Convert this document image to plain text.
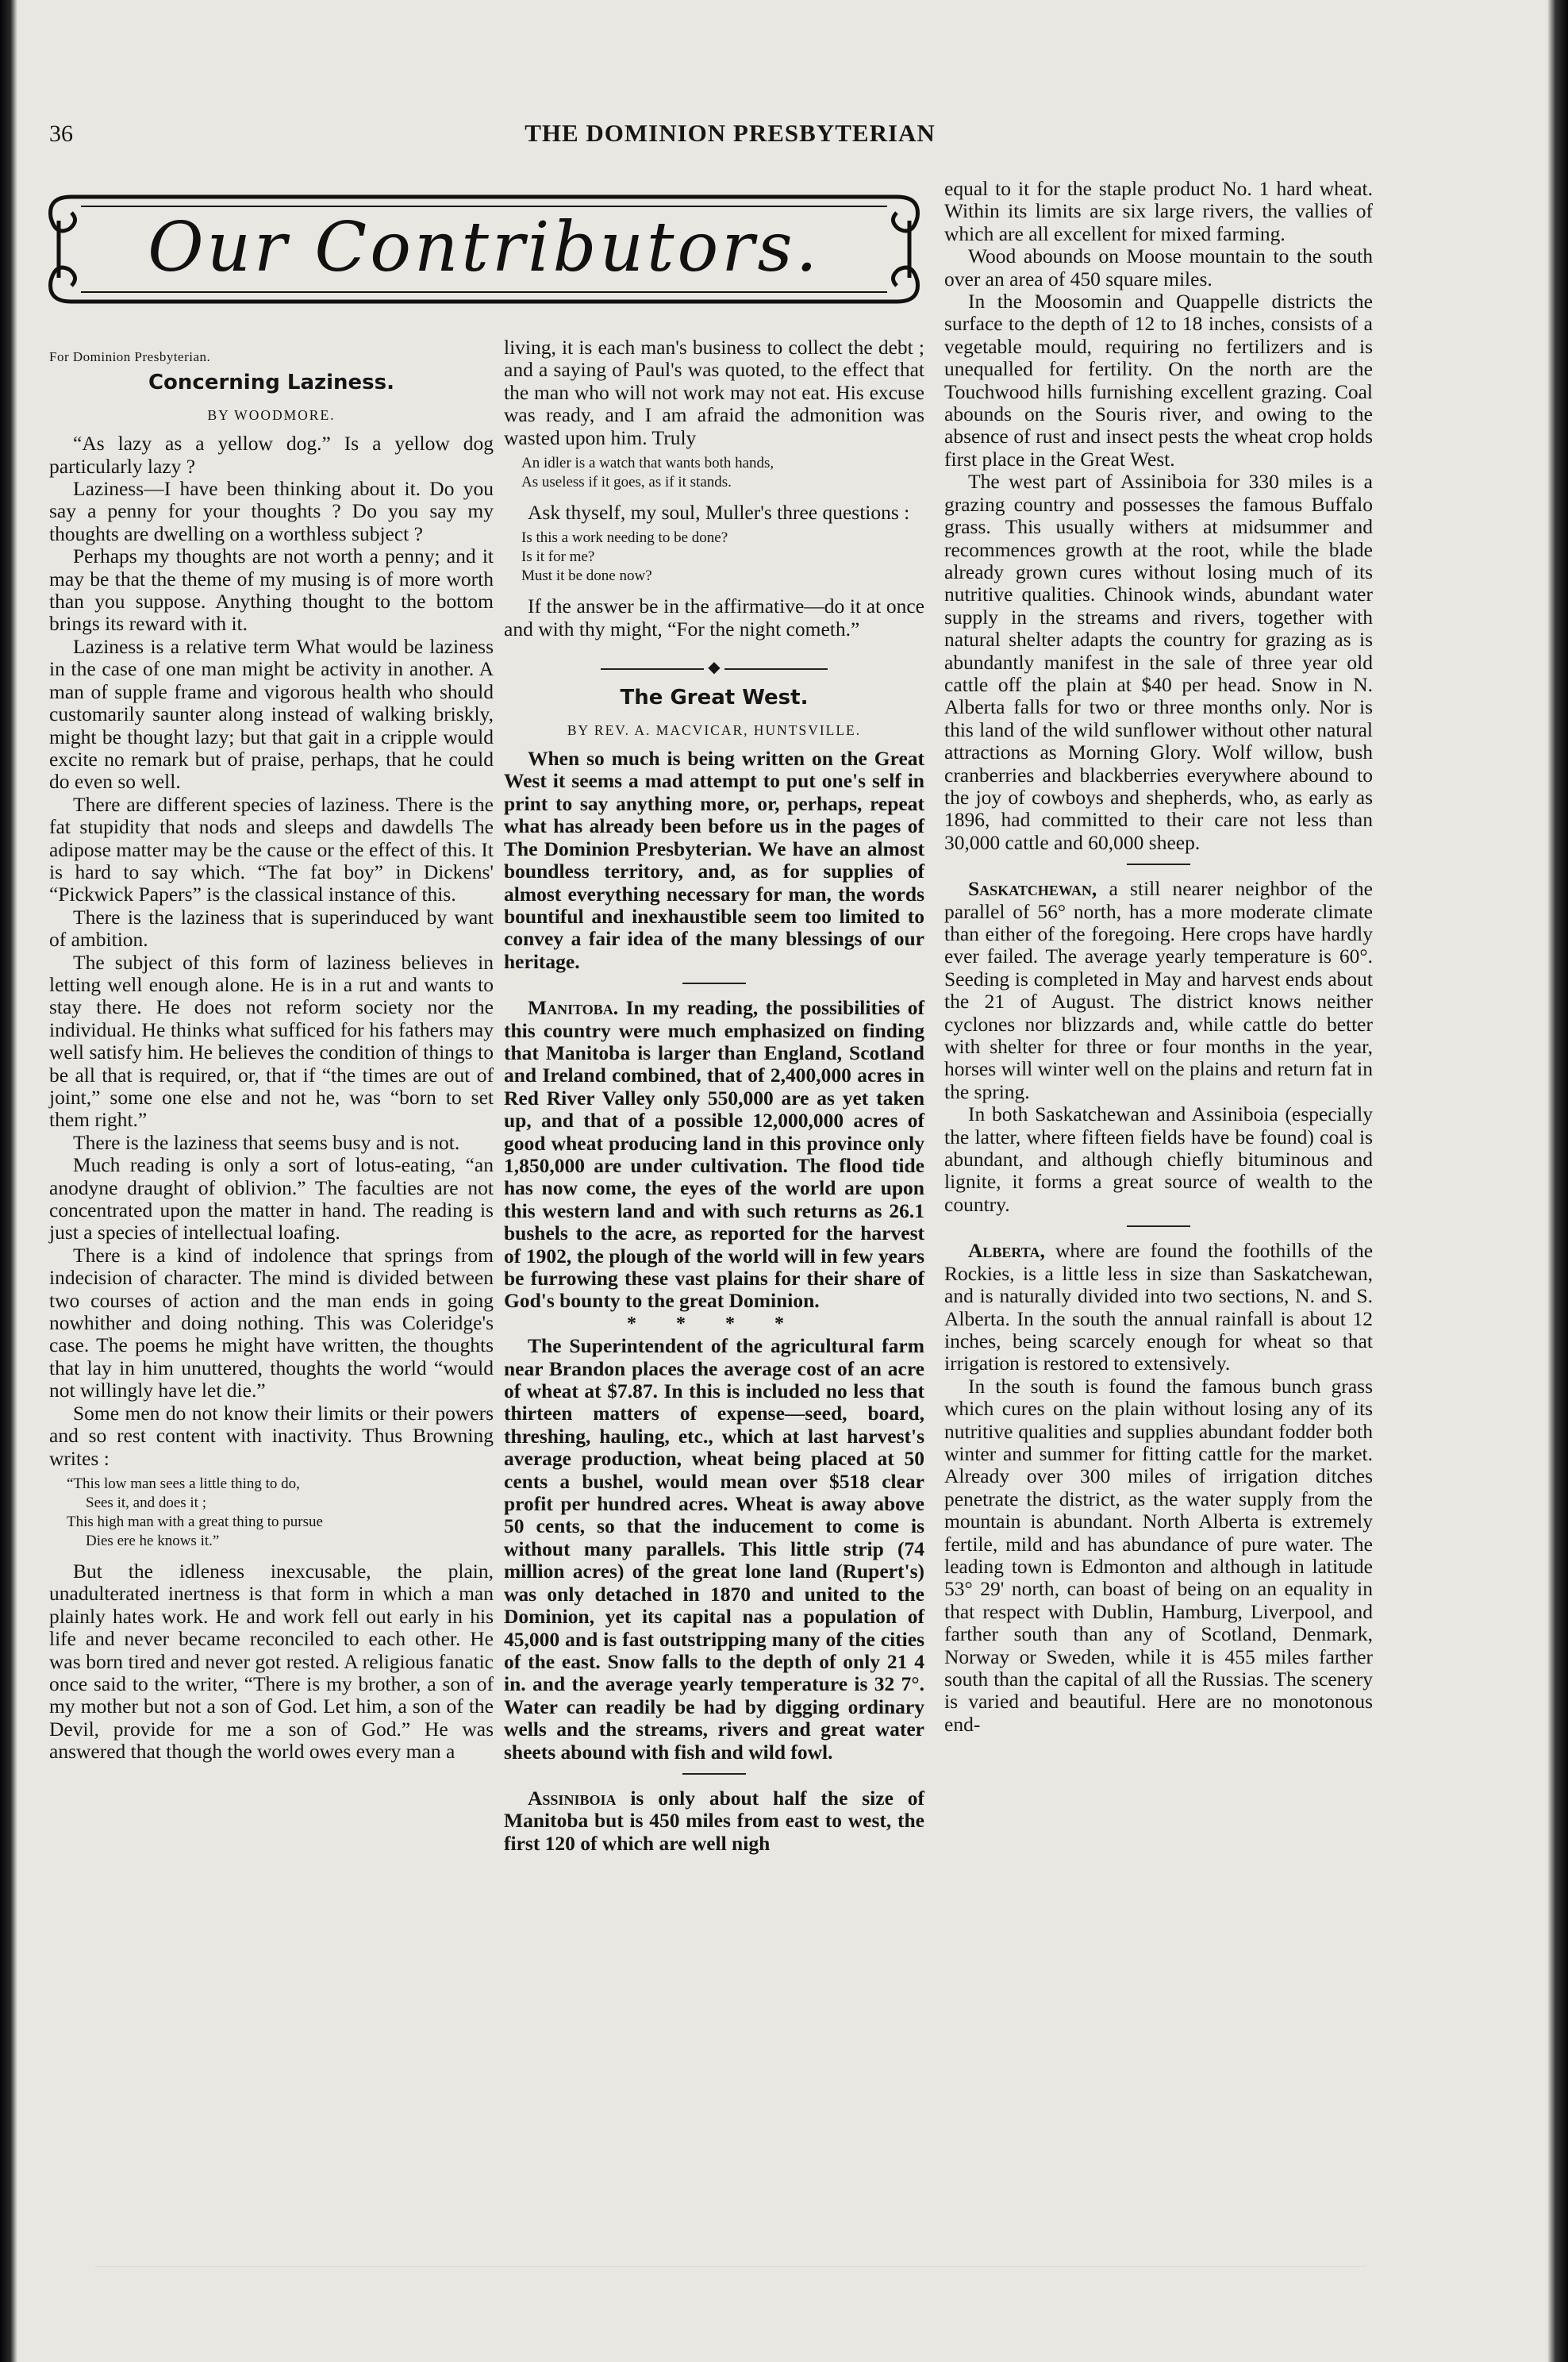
36	THE DOMINION PRESBYTERIAN
Our Contributors.

For Dominion Presbyterian.

Concerning Laziness.
BY WOODMORE.

“As lazy as a yellow dog.” Is a yellow dog particularly lazy ?

Laziness—I have been thinking about it. Do you say a penny for your thoughts ? Do you say my thoughts are dwelling on a worthless subject ?

Perhaps my thoughts are not worth a penny; and it may be that the theme of my musing is of more worth than you suppose. Anything thought to the bottom brings its reward with it.

Laziness is a relative term What would be laziness in the case of one man might be activity in another. A man of supple frame and vigorous health who should customarily saunter along instead of walking briskly, might be thought lazy; but that gait in a cripple would excite no remark but of praise, perhaps, that he could do even so well.

There are different species of laziness. There is the fat stupidity that nods and sleeps and dawdells The adipose matter may be the cause or the effect of this. It is hard to say which. “The fat boy” in Dickens' “Pickwick Papers” is the classical instance of this.

There is the laziness that is superinduced by want of ambition.

The subject of this form of laziness believes in letting well enough alone. He is in a rut and wants to stay there. He does not reform society nor the individual. He thinks what sufficed for his fathers may well satisfy him. He believes the condition of things to be all that is required, or, that if “the times are out of joint,” some one else and not he, was “born to set them right.”

There is the laziness that seems busy and is not.

Much reading is only a sort of lotus-eating, “an anodyne draught of oblivion.” The faculties are not concentrated upon the matter in hand. The reading is just a species of intellectual loafing.

There is a kind of indolence that springs from indecision of character. The mind is divided between two courses of action and the man ends in going nowhither and doing nothing. This was Coleridge's case. The poems he might have written, the thoughts that lay in him unuttered, thoughts the world “would not willingly have let die.”

Some men do not know their limits or their powers and so rest content with inactivity. Thus Browning writes :

“This low man sees a little thing to do,
Sees it, and does it ;
This high man with a great thing to pursue
Dies ere he knows it.”

But the idleness inexcusable, the plain, unadulterated inertness is that form in which a man plainly hates work. He and work fell out early in his life and never became reconciled to each other. He was born tired and never got rested. A religious fanatic once said to the writer, “There is my brother, a son of my mother but not a son of God. Let him, a son of the Devil, provide for me a son of God.” He was answered that though the world owes every man a

living, it is each man's business to collect the debt ; and a saying of Paul's was quoted, to the effect that the man who will not work may not eat. His excuse was ready, and I am afraid the admonition was wasted upon him. Truly

An idler is a watch that wants both hands,
As useless if it goes, as if it stands.

Ask thyself, my soul, Muller's three questions :

Is this a work needing to be done?
Is it for me?
Must it be done now?

If the answer be in the affirmative—do it at once and with thy might, “For the night cometh.”

◆
The Great West.
BY REV. A. MACVICAR, HUNTSVILLE.

When so much is being written on the Great West it seems a mad attempt to put one's self in print to say anything more, or, perhaps, repeat what has already been before us in the pages of The Dominion Presbyterian. We have an almost boundless territory, and, as for supplies of almost everything necessary for man, the words bountiful and inexhaustible seem too limited to convey a fair idea of the many blessings of our heritage.

Manitoba. In my reading, the possibilities of this country were much emphasized on finding that Manitoba is larger than England, Scotland and Ireland combined, that of 2,400,000 acres in Red River Valley only 550,000 are as yet taken up, and that of a possible 12,000,000 acres of good wheat producing land in this province only 1,850,000 are under cultivation. The flood tide has now come, the eyes of the world are upon this western land and with such returns as 26.1 bushels to the acre, as reported for the harvest of 1902, the plough of the world will in few years be furrowing these vast plains for their share of God's bounty to the great Dominion.

* * * *

The Superintendent of the agricultural farm near Brandon places the average cost of an acre of wheat at $7.87. In this is included no less that thirteen matters of expense—seed, board, threshing, hauling, etc., which at last harvest's average production, wheat being placed at 50 cents a bushel, would mean over $518 clear profit per hundred acres. Wheat is away above 50 cents, so that the inducement to come is without many parallels. This little strip (74 million acres) of the great lone land (Rupert's) was only detached in 1870 and united to the Dominion, yet its capital nas a population of 45,000 and is fast outstripping many of the cities of the east. Snow falls to the depth of only 21 4 in. and the average yearly temperature is 32 7°. Water can readily be had by digging ordinary wells and the streams, rivers and great water sheets abound with fish and wild fowl.

Assiniboia is only about half the size of Manitoba but is 450 miles from east to west, the first 120 of which are well nigh

equal to it for the staple product No. 1 hard wheat. Within its limits are six large rivers, the vallies of which are all excellent for mixed farming.

Wood abounds on Moose mountain to the south over an area of 450 square miles.

In the Moosomin and Quappelle districts the surface to the depth of 12 to 18 inches, consists of a vegetable mould, requiring no fertilizers and is unequalled for fertility. On the north are the Touchwood hills furnishing excellent grazing. Coal abounds on the Souris river, and owing to the absence of rust and insect pests the wheat crop holds first place in the Great West.

The west part of Assiniboia for 330 miles is a grazing country and possesses the famous Buffalo grass. This usually withers at midsummer and recommences growth at the root, while the blade already grown cures without losing much of its nutritive qualities. Chinook winds, abundant water supply in the streams and rivers, together with natural shelter adapts the country for grazing as is abundantly manifest in the sale of three year old cattle off the plain at $40 per head. Snow in N. Alberta falls for two or three months only. Nor is this land of the wild sunflower without other natural attractions as Morning Glory. Wolf willow, bush cranberries and blackberries everywhere abound to the joy of cowboys and shepherds, who, as early as 1896, had committed to their care not less than 30,000 cattle and 60,000 sheep.

Saskatchewan, a still nearer neighbor of the parallel of 56° north, has a more moderate climate than either of the foregoing. Here crops have hardly ever failed. The average yearly temperature is 60°. Seeding is completed in May and harvest ends about the 21 of August. The district knows neither cyclones nor blizzards and, while cattle do better with shelter for three or four months in the year, horses will winter well on the plains and return fat in the spring.

In both Saskatchewan and Assiniboia (especially the latter, where fifteen fields have be found) coal is abundant, and although chiefly bituminous and lignite, it forms a great source of wealth to the country.

Alberta, where are found the foothills of the Rockies, is a little less in size than Saskatchewan, and is naturally divided into two sections, N. and S. Alberta. In the south the annual rainfall is about 12 inches, being scarcely enough for wheat so that irrigation is restored to extensively.

In the south is found the famous bunch grass which cures on the plain without losing any of its nutritive qualities and supplies abundant fodder both winter and summer for fitting cattle for the market. Already over 300 miles of irrigation ditches penetrate the district, as the water supply from the mountain is abundant. North Alberta is extremely fertile, mild and has abundance of pure water. The leading town is Edmonton and although in latitude 53° 29' north, can boast of being on an equality in that respect with Dublin, Hamburg, Liverpool, and farther south than any of Scotland, Denmark, Norway or Sweden, while it is 455 miles farther south than the capital of all the Russias. The scenery is varied and beautiful. Here are no monotonous end-
